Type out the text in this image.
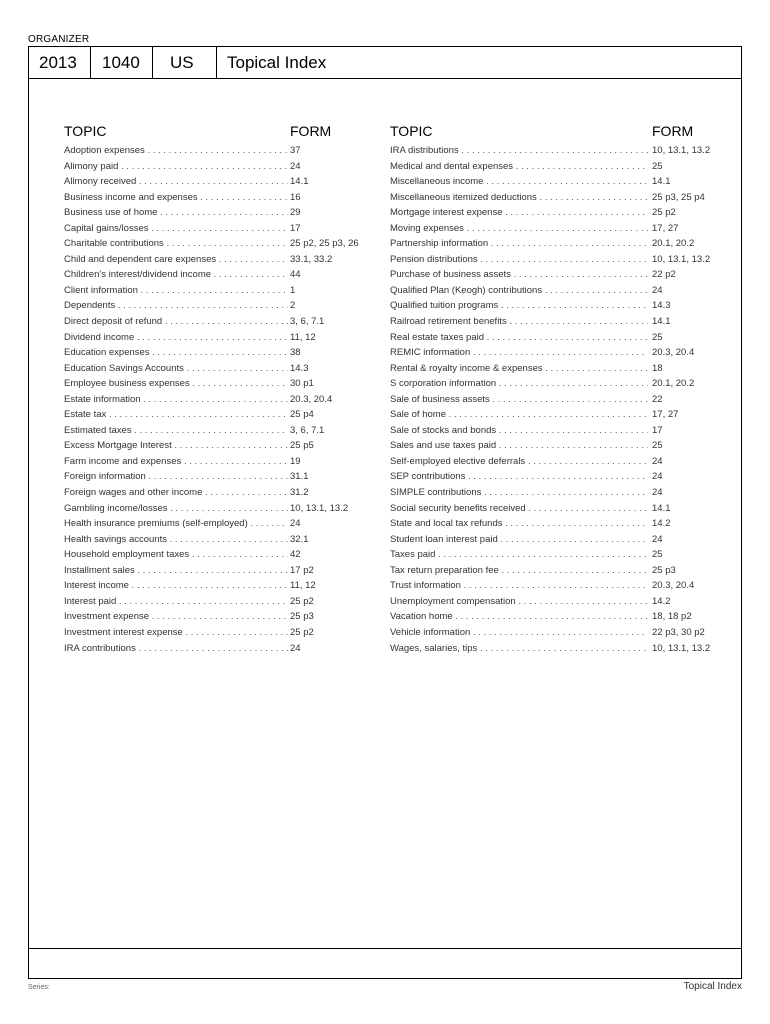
ORGANIZER
2013	1040	US	Topical Index
TOPIC	FORM
Adoption expenses . . .	37
Alimony paid . . .	24
Alimony received . . .	14.1
Business income and expenses . . .	16
Business use of home . . .	29
Capital gains/losses . . .	17
Charitable contributions . . .	25 p2, 25 p3, 26
Child and dependent care expenses . . .	33.1, 33.2
Children's interest/dividend income . . .	44
Client information . . .	1
Dependents . . .	2
Direct deposit of refund . . .	3, 6, 7.1
Dividend income . . .	11, 12
Education expenses . . .	38
Education Savings Accounts . . .	14.3
Employee business expenses . . .	30 p1
Estate information . . .	20.3, 20.4
Estate tax . . .	25 p4
Estimated taxes . . .	3, 6, 7.1
Excess Mortgage Interest . . .	25 p5
Farm income and expenses . . .	19
Foreign information . . .	31.1
Foreign wages and other income . . .	31.2
Gambling income/losses . . .	10, 13.1, 13.2
Health insurance premiums (self-employed) . . .	24
Health savings accounts . . .	32.1
Household employment taxes . . .	42
Installment sales . . .	17 p2
Interest income . . .	11, 12
Interest paid . . .	25 p2
Investment expense . . .	25 p3
Investment interest expense . . .	25 p2
IRA contributions . . .	24
TOPIC	FORM
IRA distributions . . .	10, 13.1, 13.2
Medical and dental expenses . . .	25
Miscellaneous income . . .	14.1
Miscellaneous itemized deductions . . .	25 p3, 25 p4
Mortgage interest expense . . .	25 p2
Moving expenses . . .	17, 27
Partnership information . . .	20.1, 20.2
Pension distributions . . .	10, 13.1, 13.2
Purchase of business assets . . .	22 p2
Qualified Plan (Keogh) contributions . . .	24
Qualified tuition programs . . .	14.3
Railroad retirement benefits . . .	14.1
Real estate taxes paid . . .	25
REMIC information . . .	20.3, 20.4
Rental & royalty income & expenses . . .	18
S corporation information . . .	20.1, 20.2
Sale of business assets . . .	22
Sale of home . . .	17, 27
Sale of stocks and bonds . . .	17
Sales and use taxes paid . . .	25
Self-employed elective deferrals . . .	24
SEP contributions . . .	24
SIMPLE contributions . . .	24
Social security benefits received . . .	14.1
State and local tax refunds . . .	14.2
Student loan interest paid . . .	24
Taxes paid . . .	25
Tax return preparation fee . . .	25 p3
Trust information . . .	20.3, 20.4
Unemployment compensation . . .	14.2
Vacation home . . .	18, 18 p2
Vehicle information . . .	22 p3, 30 p2
Wages, salaries, tips . . .	10, 13.1, 13.2
Series:	Topical Index
